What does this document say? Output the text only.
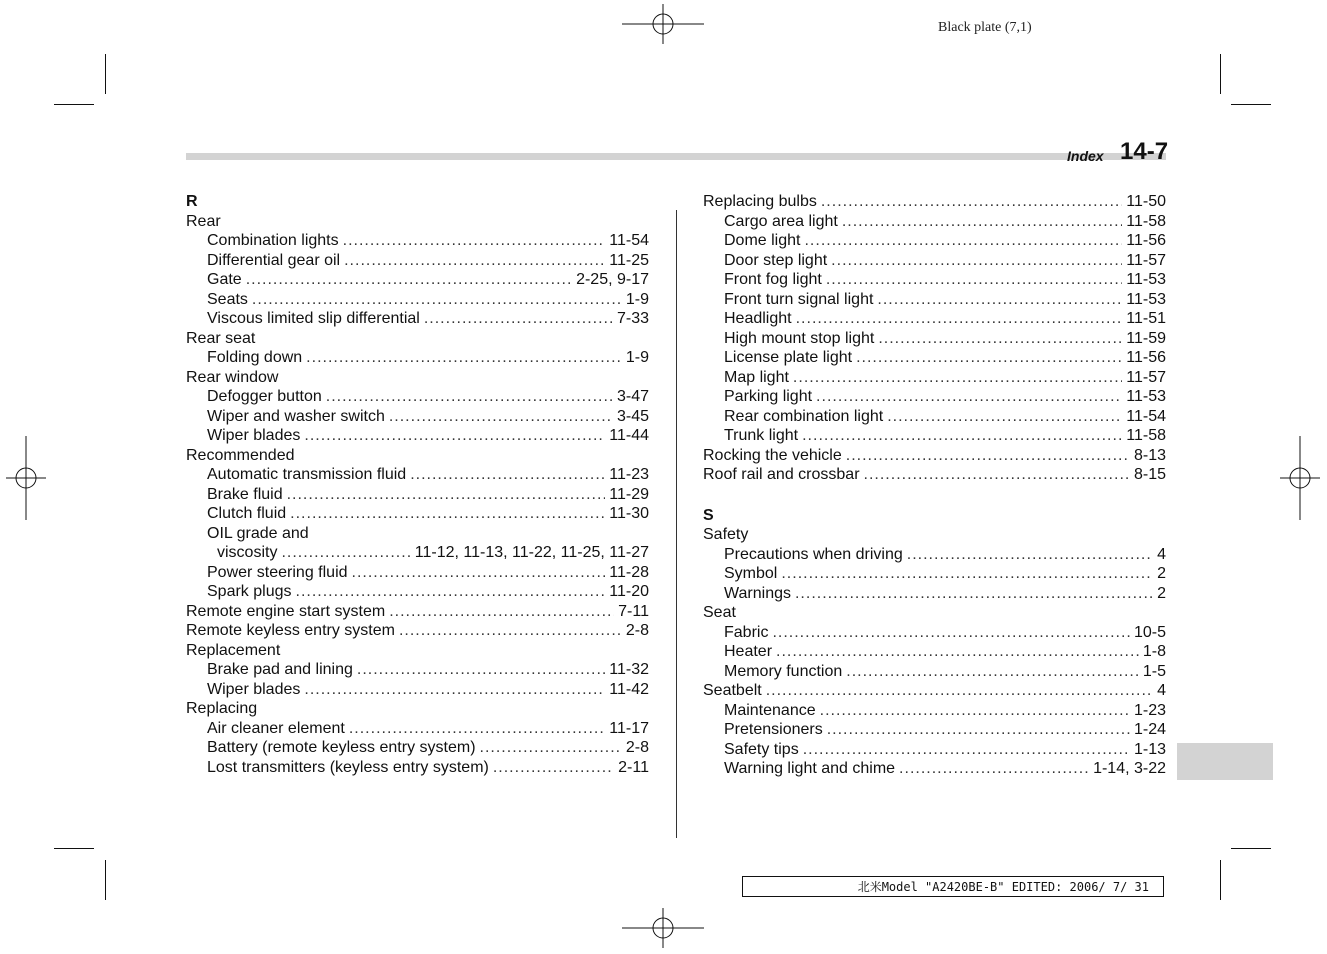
Black plate (7,1)
Index 14-7
R
Rear
Combination lights .....	11-54
Differential gear oil .....	11-25
Gate .....	2-25, 9-17
Seats .....	1-9
Viscous limited slip differential .....	7-33
Rear seat
Folding down .....	1-9
Rear window
Defogger button .....	3-47
Wiper and washer switch .....	3-45
Wiper blades .....	11-44
Recommended
Automatic transmission fluid .....	11-23
Brake fluid .....	11-29
Clutch fluid .....	11-30
OIL grade and
viscosity .....	11-12, 11-13, 11-22, 11-25, 11-27
Power steering fluid .....	11-28
Spark plugs .....	11-20
Remote engine start system .....	7-11
Remote keyless entry system .....	2-8
Replacement
Brake pad and lining .....	11-32
Wiper blades .....	11-42
Replacing
Air cleaner element .....	11-17
Battery (remote keyless entry system) .....	2-8
Lost transmitters (keyless entry system) .....	2-11
Replacing bulbs .....	11-50
Cargo area light .....	11-58
Dome light .....	11-56
Door step light .....	11-57
Front fog light .....	11-53
Front turn signal light .....	11-53
Headlight .....	11-51
High mount stop light .....	11-59
License plate light .....	11-56
Map light .....	11-57
Parking light .....	11-53
Rear combination light .....	11-54
Trunk light .....	11-58
Rocking the vehicle .....	8-13
Roof rail and crossbar .....	8-15
S
Safety
Precautions when driving .....	4
Symbol .....	2
Warnings .....	2
Seat
Fabric .....	10-5
Heater .....	1-8
Memory function .....	1-5
Seatbelt .....	4
Maintenance .....	1-23
Pretensioners .....	1-24
Safety tips .....	1-13
Warning light and chime .....	1-14, 3-22
北米Model "A2420BE-B" EDITED: 2006/ 7/ 31
